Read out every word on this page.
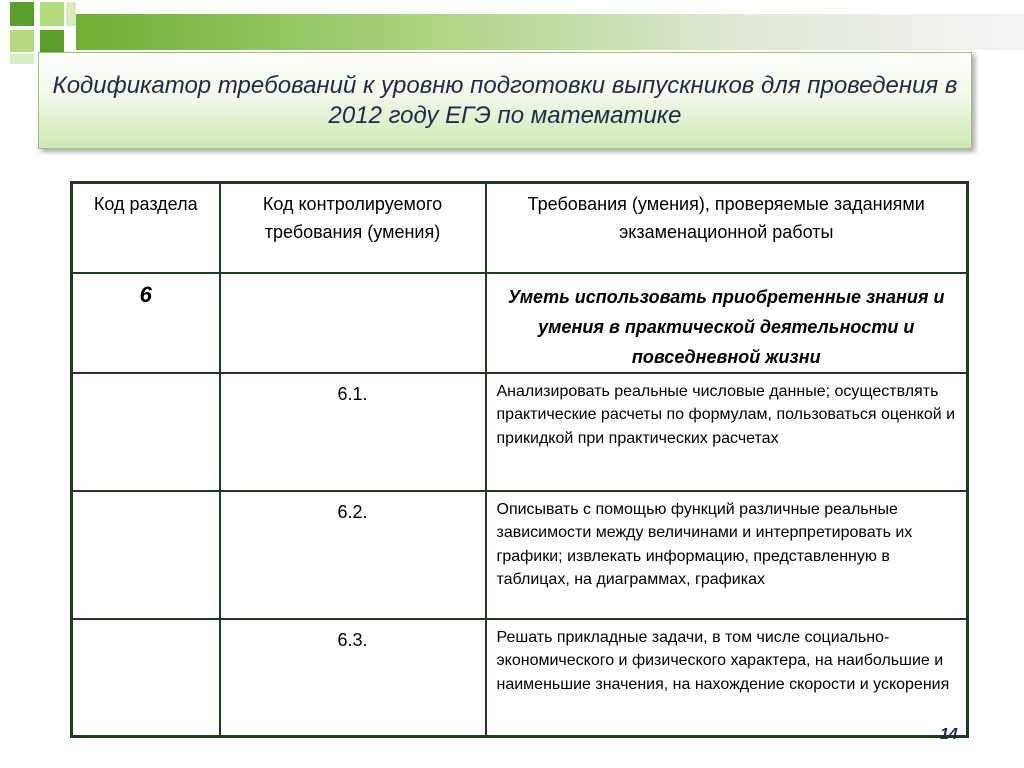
Кодификатор требований к уровню подготовки выпускников для проведения в 2012 году ЕГЭ по математике
Код раздела	Код контролируемого требования (умения)	Требования (умения), проверяемые заданиями экзаменационной работы
6		Уметь использовать приобретенные знания и умения в практической деятельности и повседневной жизни
	6.1.	Анализировать реальные числовые данные; осуществлять практические расчеты по формулам, пользоваться оценкой и прикидкой при практических расчетах
	6.2.	Описывать с помощью функций различные реальные зависимости между величинами и интерпретировать их графики; извлекать информацию, представленную в таблицах, на диаграммах, графиках
	6.3.	Решать прикладные задачи, в том числе социально-экономического и физического характера, на наибольшие и наименьшие значения, на нахождение скорости и ускорения
14
